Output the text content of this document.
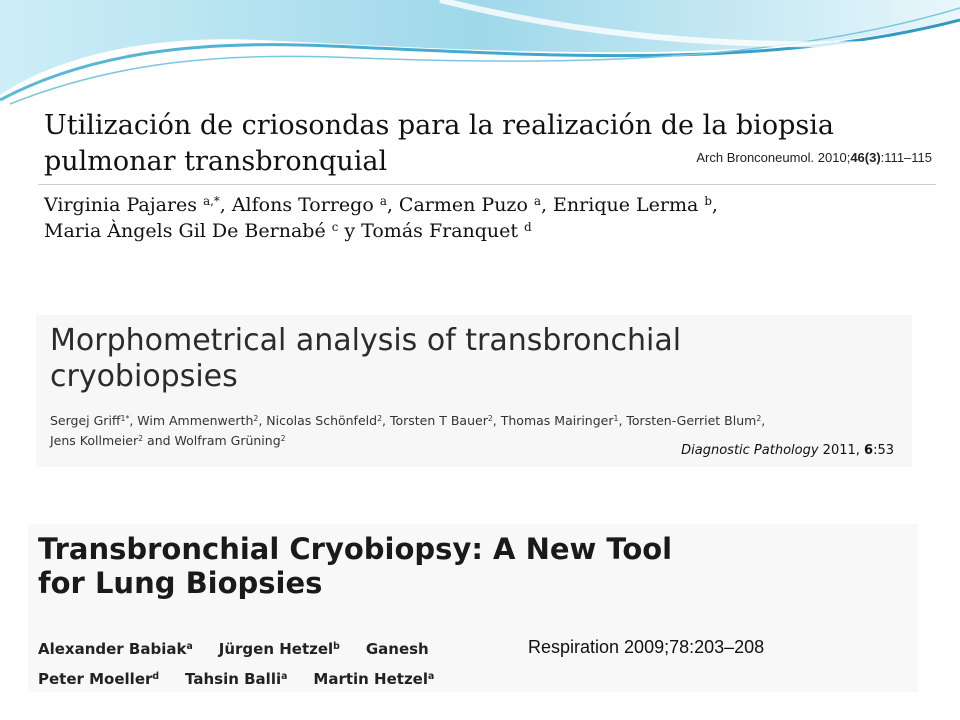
Utilización de criosondas para la realización de la biopsia pulmonar transbronquial	Arch Bronconeumol. 2010;46(3):111–115
Virginia Pajares $^{a,*}$, Alfons Torrego $^a$, Carmen Puzo $^a$, Enrique Lerma $^b$,
Maria Àngels Gil De Bernabé $^c$ y Tomás Franquet $^d$
Morphometrical analysis of transbronchial
cryobiopsies
Sergej Griff$^{1*}$, Wim Ammenwerth$^2$, Nicolas Schönfeld$^2$, Torsten T Bauer$^2$, Thomas Mairinger$^1$, Torsten-Gerriet Blum$^2$,
Jens Kollmeier$^2$ and Wolfram Grüning$^2$
Diagnostic Pathology 2011, 6:53
Transbronchial Cryobiopsy: A New Tool
for Lung Biopsies
Alexander Babiak$^a$ Jürgen Hetzel$^b$ Ganesh
Peter Moeller$^d$ Tahsin Balli$^a$ Martin Hetzel$^a$
Respiration 2009;78:203–208
